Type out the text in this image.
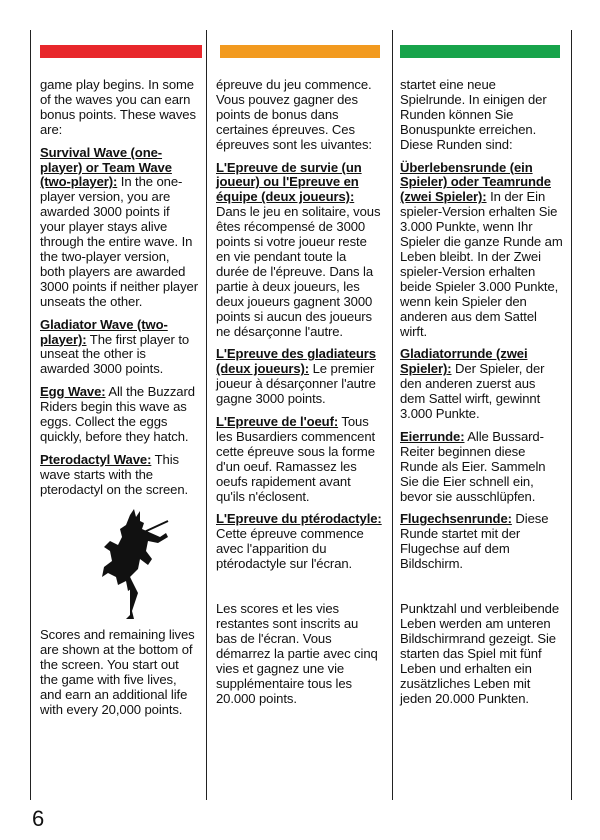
game play begins. In some of the waves you can earn bonus points. These waves are:

Survival Wave (one-player) or Team Wave (two-player): In the one-player version, you are awarded 3000 points if your player stays alive through the entire wave. In the two-player version, both players are awarded 3000 points if neither player unseats the other.

Gladiator Wave (two-player): The first player to unseat the other is awarded 3000 points.

Egg Wave: All the Buzzard Riders begin this wave as eggs. Collect the eggs quickly, before they hatch.

Pterodactyl Wave: This wave starts with the pterodactyl on the screen.

Scores and remaining lives are shown at the bottom of the screen. You start out the game with five lives, and earn an additional life with every 20,000 points.

épreuve du jeu commence. Vous pouvez gagner des points de bonus dans certaines épreuves. Ces épreuves sont les uivantes:

L'Epreuve de survie (un joueur) ou l'Epreuve en équipe (deux joueurs): Dans le jeu en solitaire, vous êtes récompensé de 3000 points si votre joueur reste en vie pendant toute la durée de l'épreuve. Dans la partie à deux joueurs, les deux joueurs gagnent 3000 points si aucun des joueurs ne désarçonne l'autre.

L'Epreuve des gladiateurs (deux joueurs): Le premier joueur à désarçonner l'autre gagne 3000 points.

L'Epreuve de l'oeuf: Tous les Busardiers commencent cette épreuve sous la forme d'un oeuf. Ramassez les oeufs rapidement avant qu'ils n'éclosent.

L'Epreuve du ptérodactyle: Cette épreuve commence avec l'apparition du ptérodactyle sur l'écran.

Les scores et les vies restantes sont inscrits au bas de l'écran. Vous démarrez la partie avec cinq vies et gagnez une vie supplémentaire tous les 20.000 points.

startet eine neue Spielrunde. In einigen der Runden können Sie Bonuspunkte erreichen. Diese Runden sind:

Überlebensrunde (ein Spieler) oder Teamrunde (zwei Spieler): In der Ein spieler-Version erhalten Sie 3.000 Punkte, wenn Ihr Spieler die ganze Runde am Leben bleibt. In der Zwei spieler-Version erhalten beide Spieler 3.000 Punkte, wenn kein Spieler den anderen aus dem Sattel wirft.

Gladiatorrunde (zwei Spieler): Der Spieler, der den anderen zuerst aus dem Sattel wirft, gewinnt 3.000 Punkte.

Eierrunde: Alle Bussard-Reiter beginnen diese Runde als Eier. Sammeln Sie die Eier schnell ein, bevor sie ausschlüpfen.

Flugechsenrunde: Diese Runde startet mit der Flugechse auf dem Bildschirm.

Punktzahl und verbleibende Leben werden am unteren Bildschirmrand gezeigt. Sie starten das Spiel mit fünf Leben und erhalten ein zusätzliches Leben mit jeden 20.000 Punkten.

6
